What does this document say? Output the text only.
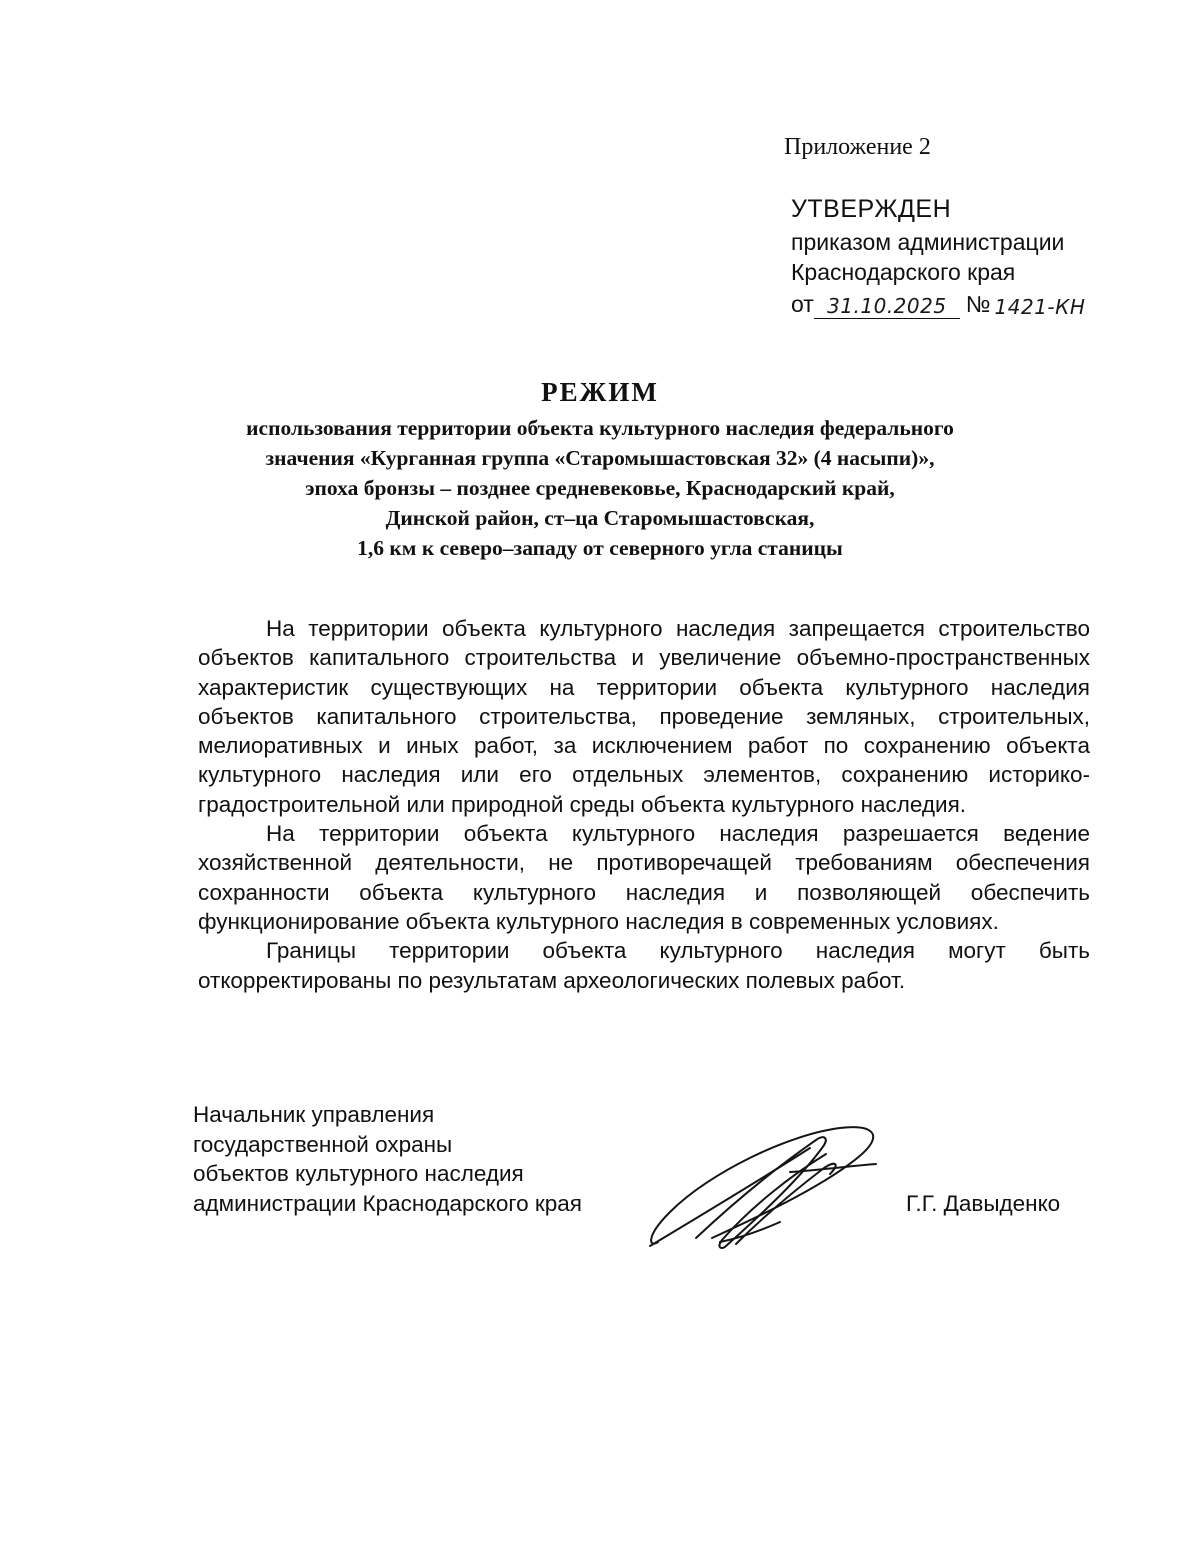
Приложение 2
УТВЕРЖДЕН
приказом администрации
Краснодарского края
от 31.10.2025 № 1421-КН
РЕЖИМ

использования территории объекта культурного наследия федерального

значения «Курганная группа «Старомышастовская 32» (4 насыпи)»,

эпоха бронзы – позднее средневековье, Краснодарский край,

Динской район, ст–ца Старомышастовская,

1,6 км к северо–западу от северного угла станицы

На территории объекта культурного наследия запрещается строительство объектов капитального строительства и увеличение объемно-пространственных характеристик существующих на территории объекта культурного наследия объектов капитального строительства, проведение земляных, строительных, мелиоративных и иных работ, за исключением работ по сохранению объекта культурного наследия или его отдельных элементов, сохранению историко-градостроительной или природной среды объекта культурного наследия.

На территории объекта культурного наследия разрешается ведение хозяйственной деятельности, не противоречащей требованиям обеспечения сохранности объекта культурного наследия и позволяющей обеспечить функционирование объекта культурного наследия в современных условиях.

Границы территории объекта культурного наследия могут быть откорректированы по результатам археологических полевых работ.

Начальник управления
государственной охраны
объектов культурного наследия
администрации Краснодарского края	Г.Г. Давыденко
